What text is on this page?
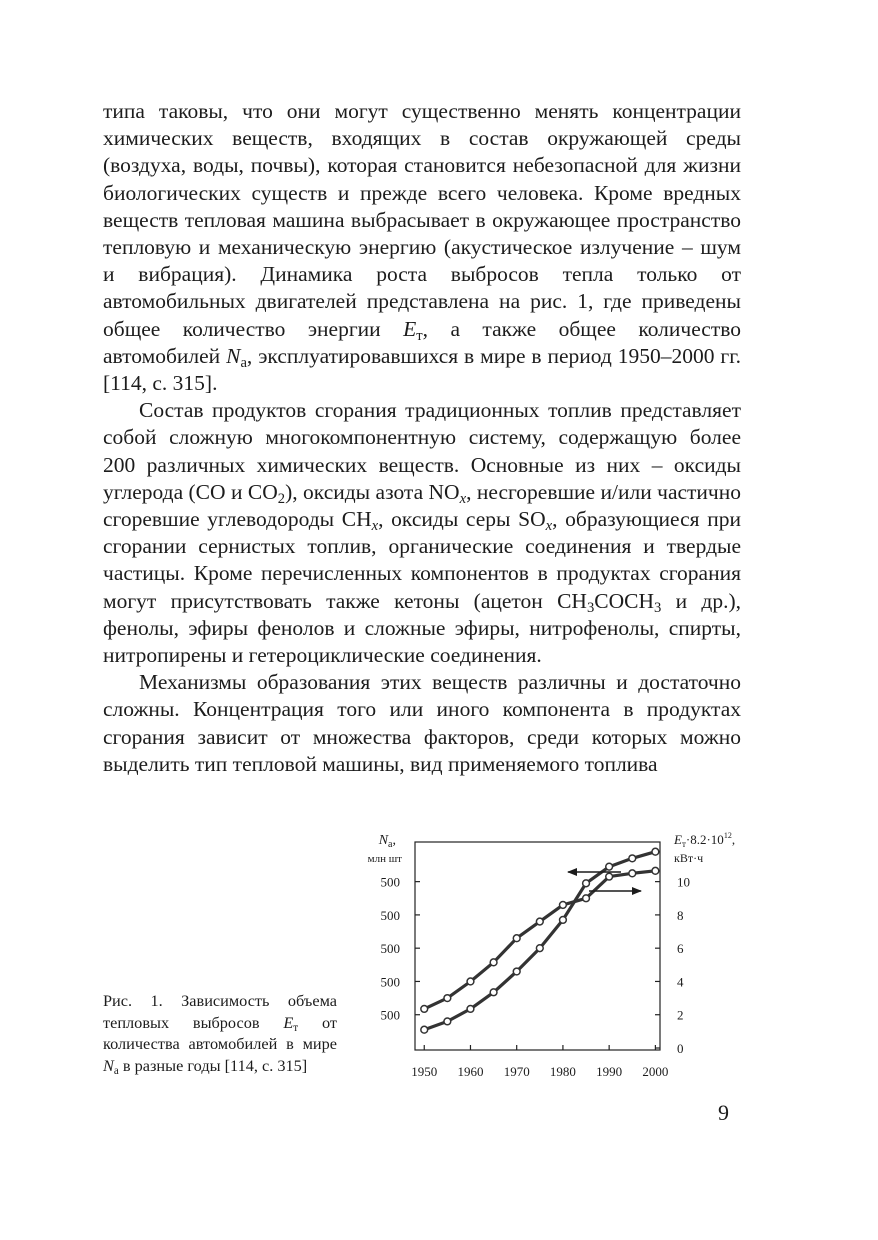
типа таковы, что они могут существенно менять концентрации химических веществ, входящих в состав окружающей среды (воздуха, воды, почвы), которая становится небезопасной для жизни биологических существ и прежде всего человека. Кроме вредных веществ тепловая машина выбрасывает в окружающее пространство тепловую и механическую энергию (акустическое излучение – шум и вибрация). Динамика роста выбросов тепла только от автомобильных двигателей представлена на рис. 1, где приведены общее количество энергии $E_т$, а также общее количество автомобилей $N_а$, эксплуатировавшихся в мире в период 1950–2000 гг. [114, с. 315].

Состав продуктов сгорания традиционных топлив представляет собой сложную многокомпонентную систему, содержащую более 200 различных химических веществ. Основные из них – оксиды углерода (CO и $CO_2$), оксиды азота $NO_x$, несгоревшие и/или частично сгоревшие углеводороды $CH_x$, оксиды серы $SO_x$, образующиеся при сгорании сернистых топлив, органические соединения и твердые частицы. Кроме перечисленных компонентов в продуктах сгорания могут присутствовать также кетоны (ацетон $CH_3COCH_3$ и др.), фенолы, эфиры фенолов и сложные эфиры, нитрофенолы, спирты, нитропирены и гетероциклические соединения.

Механизмы образования этих веществ различны и достаточно сложны. Концентрация того или иного компонента в продуктах сгорания зависит от множества факторов, среди которых можно выделить тип тепловой машины, вид применяемого топлива

$N_а$,
млн шт
$E_т\cdot 8.2\cdot 10^{12}$,
кВт·ч
500
500
500
500
500
0
2
4
6
8
10
1950 1960 1970 1980 1990 2000
Рис. 1. Зависимость объема тепловых выбросов $E_т$ от количества автомобилей в мире $N_а$ в разные годы [114, с. 315]
9
